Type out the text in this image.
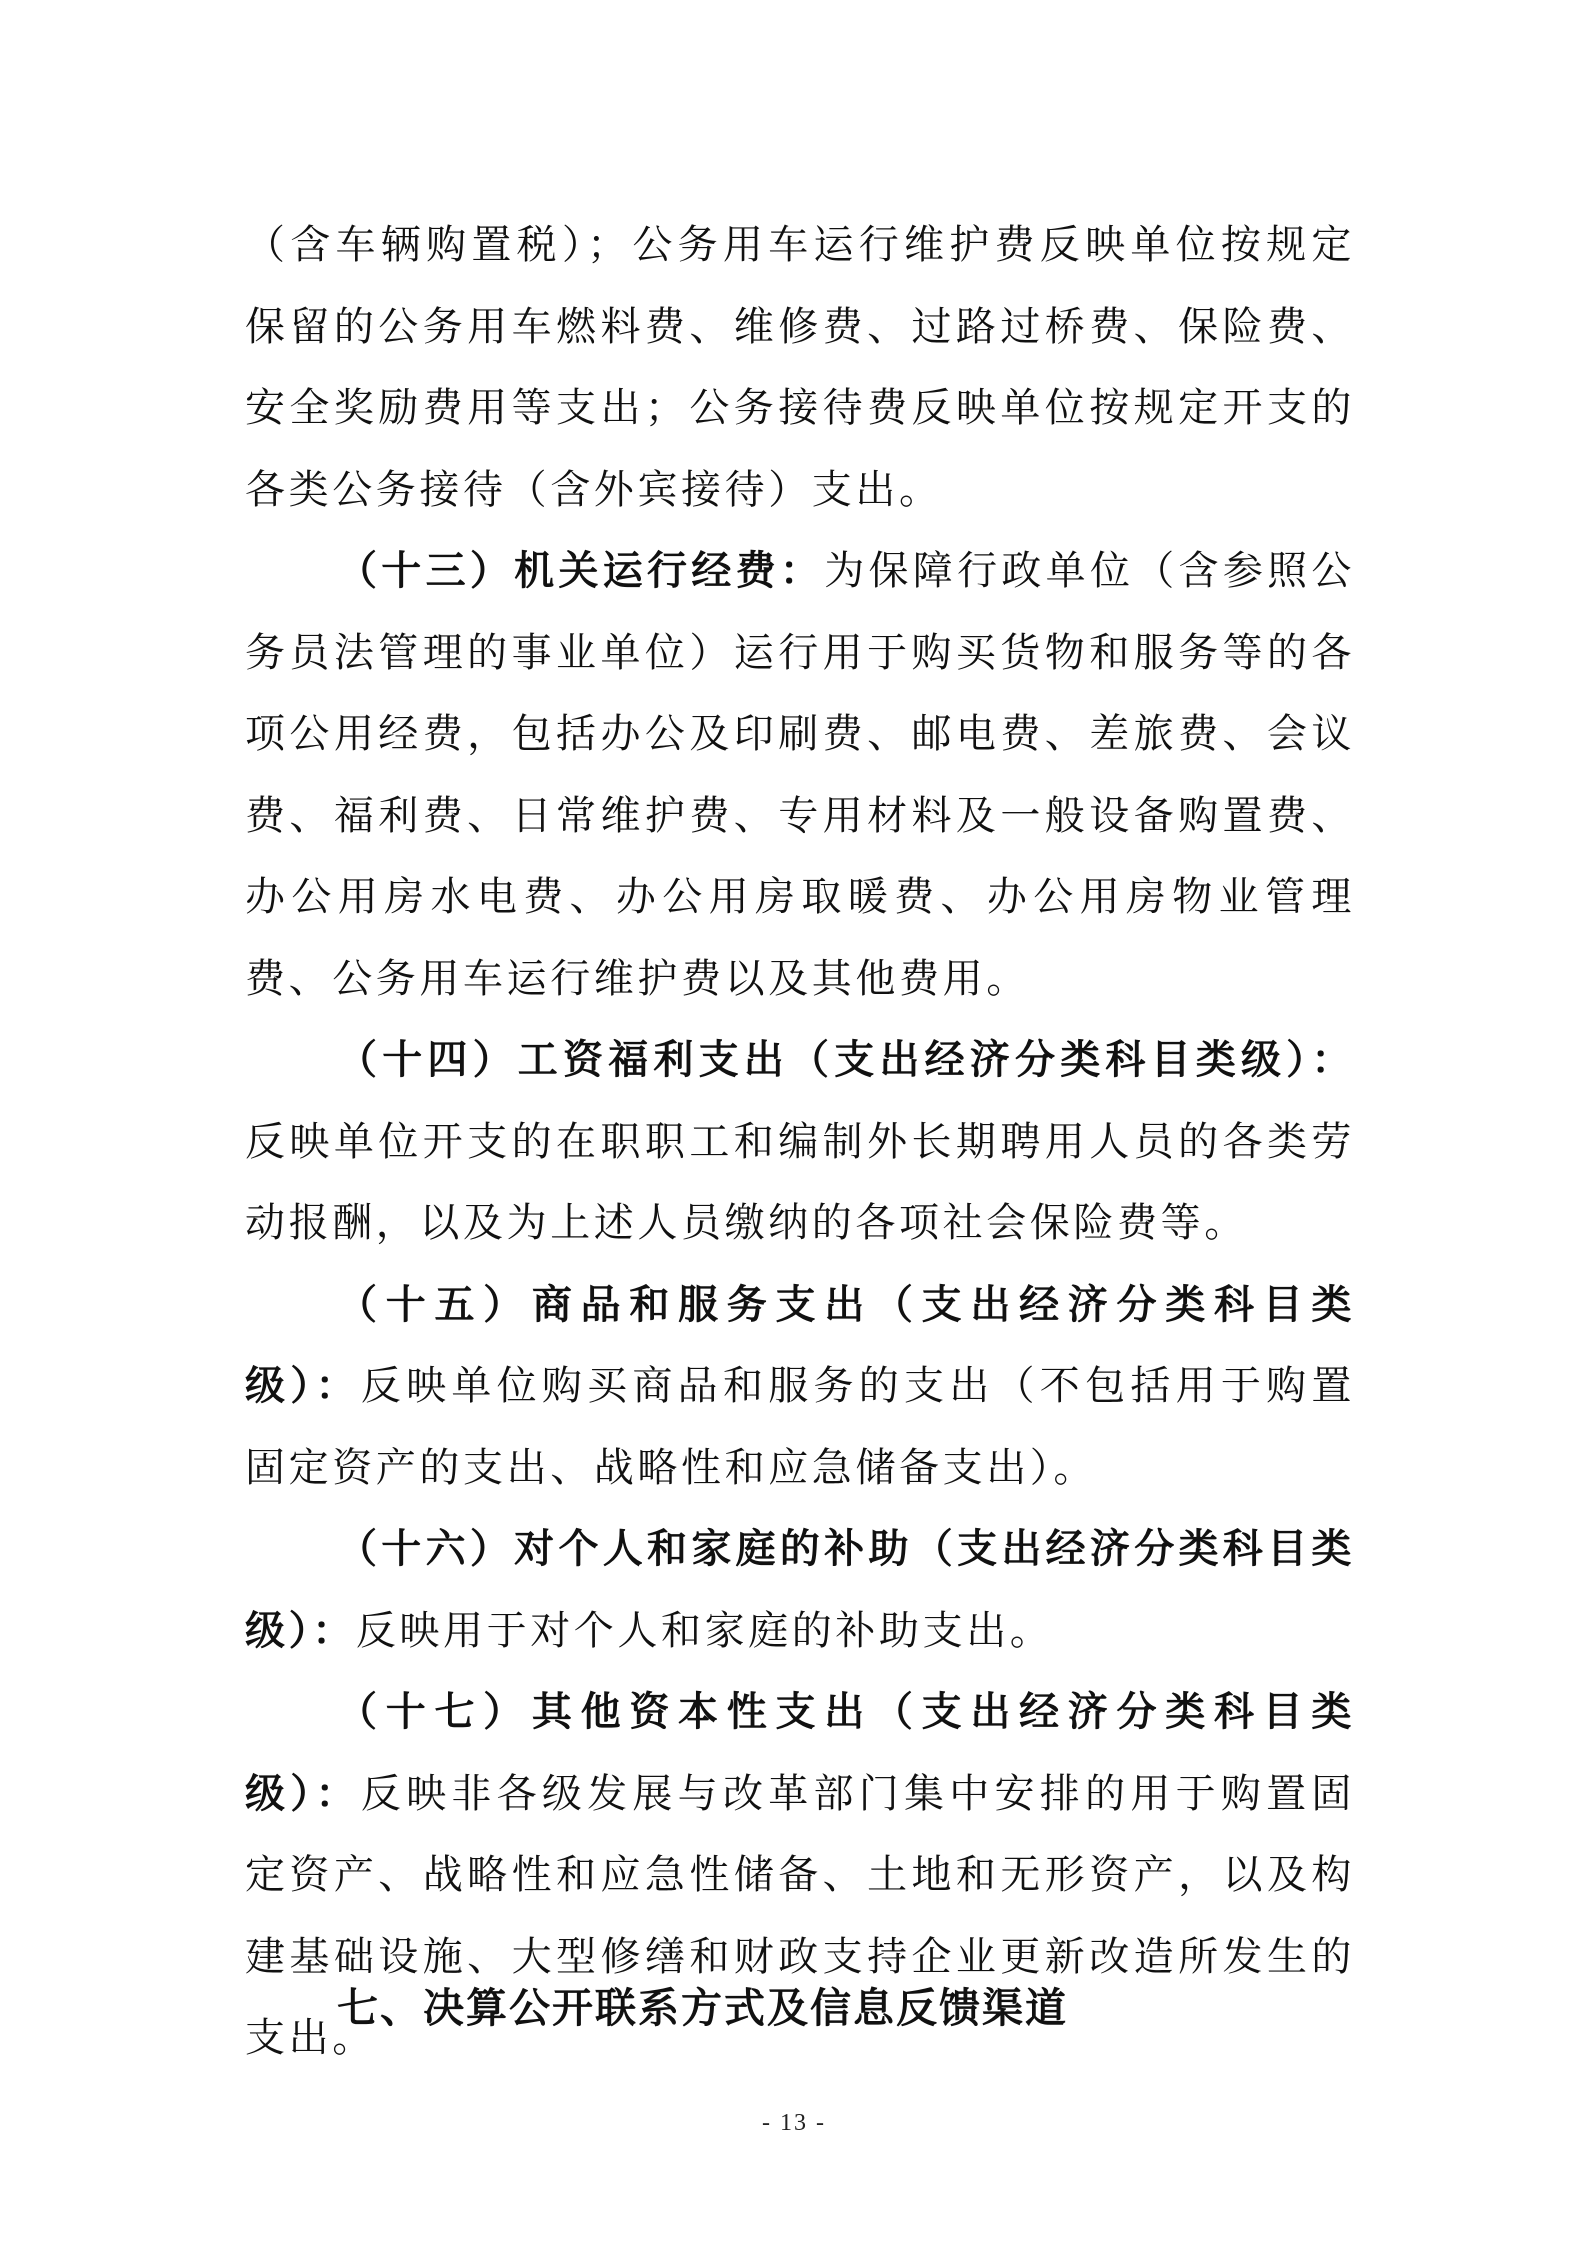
（含车辆购置税）；公务用车运行维护费反映单位按规定保留的公务用车燃料费、维修费、过路过桥费、保险费、安全奖励费用等支出；公务接待费反映单位按规定开支的各类公务接待（含外宾接待）支出。

（十三）机关运行经费：为保障行政单位（含参照公务员法管理的事业单位）运行用于购买货物和服务等的各项公用经费，包括办公及印刷费、邮电费、差旅费、会议费、福利费、日常维护费、专用材料及一般设备购置费、办公用房水电费、办公用房取暖费、办公用房物业管理费、公务用车运行维护费以及其他费用。

（十四）工资福利支出（支出经济分类科目类级）：反映单位开支的在职职工和编制外长期聘用人员的各类劳动报酬，以及为上述人员缴纳的各项社会保险费等。

（十五）商品和服务支出（支出经济分类科目类级）：反映单位购买商品和服务的支出（不包括用于购置固定资产的支出、战略性和应急储备支出）。

（十六）对个人和家庭的补助（支出经济分类科目类级）：反映用于对个人和家庭的补助支出。

（十七）其他资本性支出（支出经济分类科目类级）：反映非各级发展与改革部门集中安排的用于购置固定资产、战略性和应急性储备、土地和无形资产，以及构建基础设施、大型修缮和财政支持企业更新改造所发生的支出。

七、决算公开联系方式及信息反馈渠道
- 13 -
